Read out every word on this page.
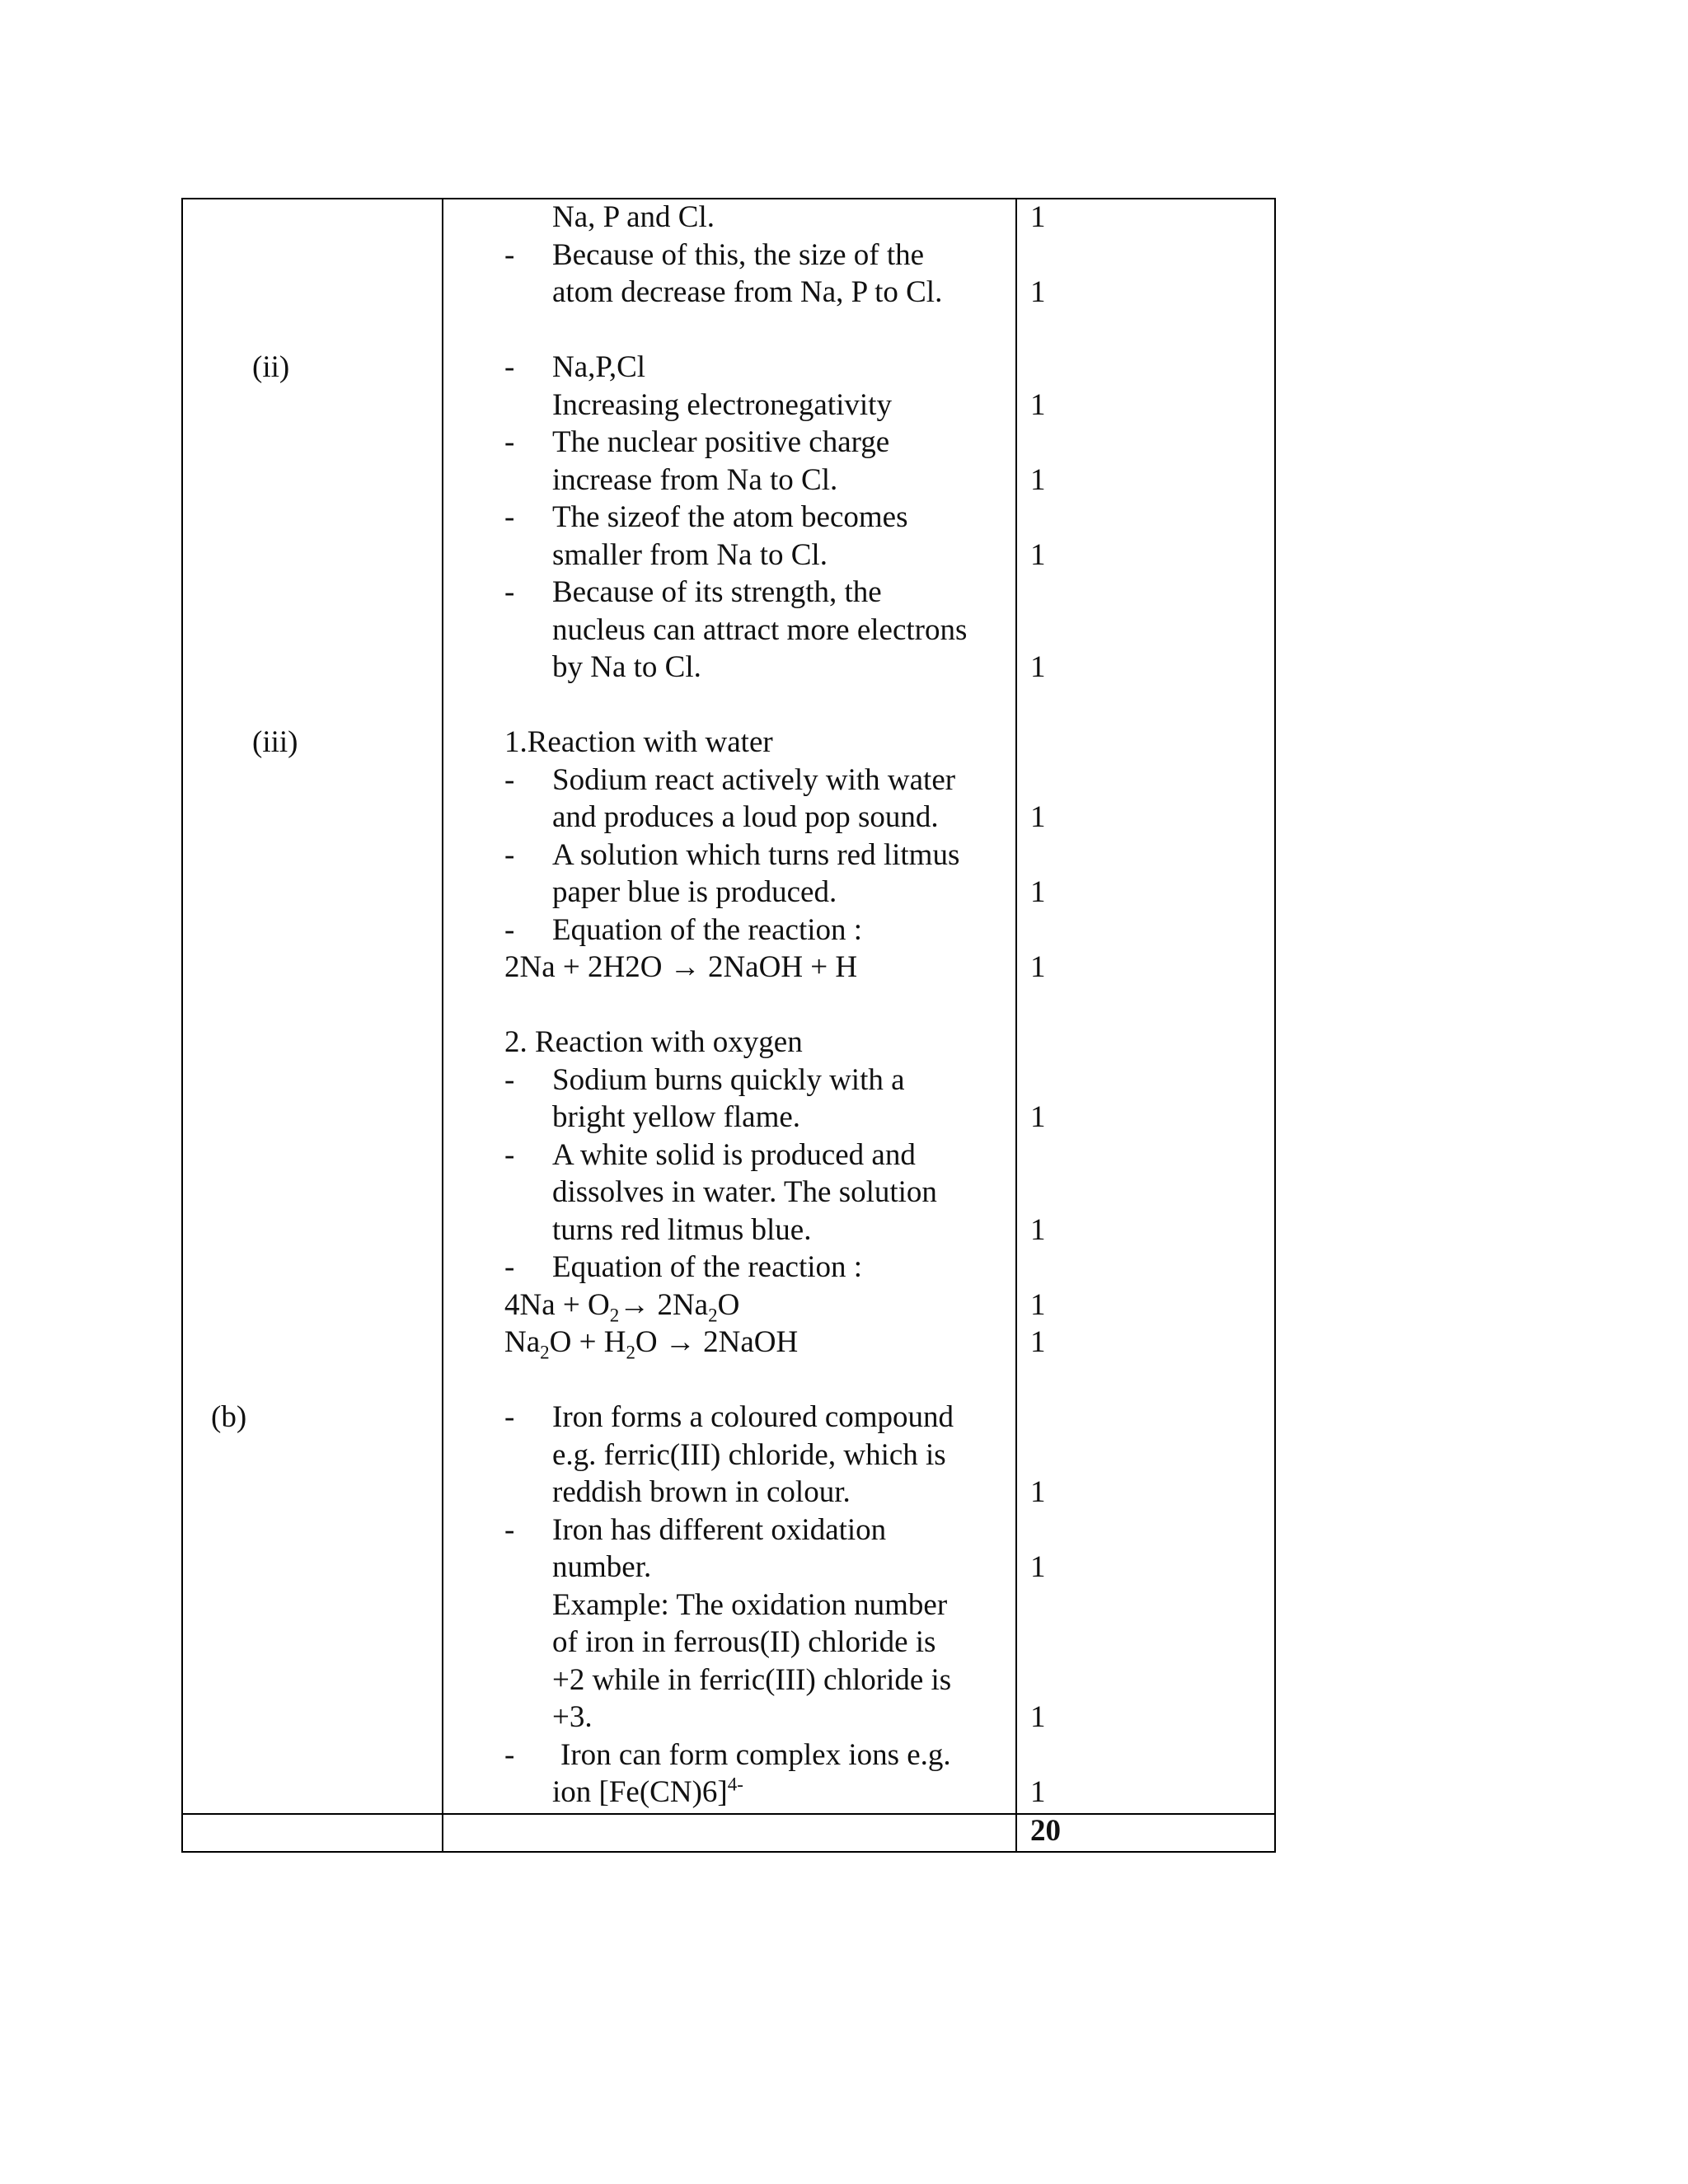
(ii)
(iii)
(b)
Na, P and Cl.
- Because of this, the size of the
atom decrease from Na, P to Cl.
- Na,P,Cl
Increasing electronegativity
- The nuclear positive charge
increase from Na to Cl.
- The sizeof the atom becomes
smaller from Na to Cl.
- Because of its strength, the
nucleus can attract more electrons
by Na to Cl.
1.Reaction with water
- Sodium react actively with water
and produces a loud pop sound.
- A solution which turns red litmus
paper blue is produced.
- Equation of the reaction :
2Na + 2H2O → 2NaOH + H
2. Reaction with oxygen
- Sodium burns quickly with a
bright yellow flame.
- A white solid is produced and
dissolves in water. The solution
turns red litmus blue.
- Equation of the reaction :
$4Na + O_2\to 2Na_2O$
$Na_2O + H_2O$ → 2NaOH
- Iron forms a coloured compound
e.g. ferric(III) chloride, which is
reddish brown in colour.
- Iron has different oxidation
number.
Example: The oxidation number
of iron in ferrous(II) chloride is
+2 while in ferric(III) chloride is
+3.
- Iron can form complex ions e.g.
ion $[Fe(CN)6]^{4-}$
1
1
1
1
1
1
1
1
1
1
1
1
1
1
1
1
1
20
